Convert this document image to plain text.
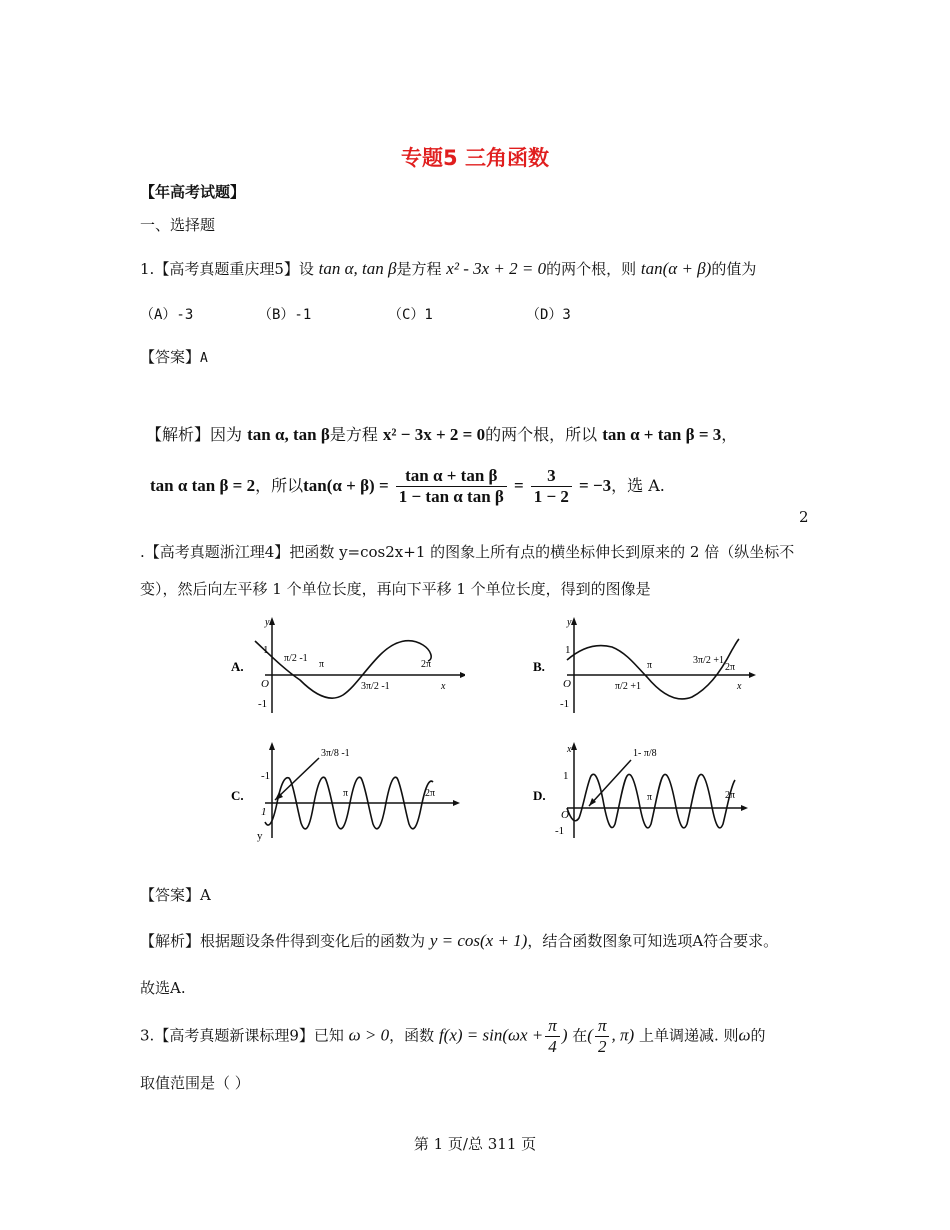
专题5 三角函数
【年高考试题】
一、选择题
1.【高考真题重庆理5】设 tan α, tan β是方程 x² - 3x + 2 = 0的两个根，则 tan(α + β)的值为
（A）-3	（B）-1	（C）1	（D）3
【答案】A
【解析】因为 tan α, tan β是方程 x² − 3x + 2 = 0的两个根，所以 tan α + tan β = 3，
tan α tan β = 2，所以$\tan(\alpha + \beta) = \frac{\text{tan α + tan β}}{\text{1 − tan α tan β}} = \frac{3}{1 - 2} = -3$，选 A.
2
.【高考真题浙江理4】把函数 y=cos2x+1 的图象上所有点的横坐标伸长到原来的 2 倍（纵坐标不
变），然后向左平移 1 个单位长度，再向下平移 1 个单位长度，得到的图像是
A.
y
1
O
-1
π/2 -1
π
3π/2 -1
2π
x
B.
y
1
O
-1
3π/2 +1
π
π/2 +1
2π
x
C.
-1
1
y
3π/8 -1
π	2π	D.
x
1
O
-1
1- π/8
π	2π
【答案】A
【解析】根据题设条件得到变化后的函数为 y = cos(x + 1)，结合函数图象可知选项A符合要求。
故选A.
3.【高考真题新课标理9】已知 ω > 0，函数 $f(x) = \sin(\omega x + \frac{\pi}{4}$ ) 在( $\frac{\pi}{2}$ , π) 上单调递减. 则ω的
取值范围是（ ）
第 1 页/总 311 页
